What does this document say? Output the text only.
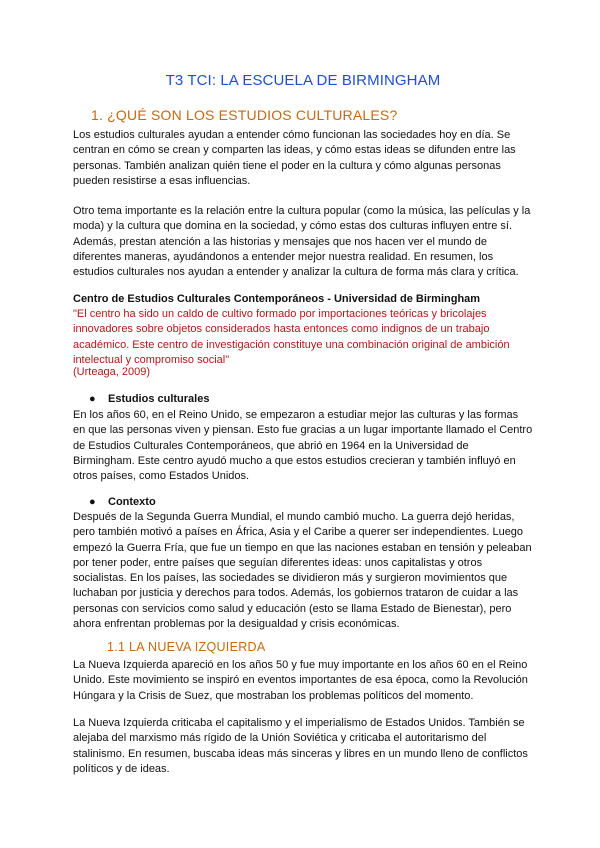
T3 TCI: LA ESCUELA DE BIRMINGHAM
1. ¿QUÉ SON LOS ESTUDIOS CULTURALES?
Los estudios culturales ayudan a entender cómo funcionan las sociedades hoy en día. Se centran en cómo se crean y comparten las ideas, y cómo estas ideas se difunden entre las personas. También analizan quién tiene el poder en la cultura y cómo algunas personas pueden resistirse a esas influencias.
Otro tema importante es la relación entre la cultura popular (como la música, las películas y la moda) y la cultura que domina en la sociedad, y cómo estas dos culturas influyen entre sí. Además, prestan atención a las historias y mensajes que nos hacen ver el mundo de diferentes maneras, ayudándonos a entender mejor nuestra realidad. En resumen, los estudios culturales nos ayudan a entender y analizar la cultura de forma más clara y crítica.
Centro de Estudios Culturales Contemporáneos - Universidad de Birmingham
"El centro ha sido un caldo de cultivo formado por importaciones teóricas y bricolajes innovadores sobre objetos considerados hasta entonces como indignos de un trabajo académico. Este centro de investigación constituye una combinación original de ambición intelectual y compromiso social"
(Urteaga, 2009)
● Estudios culturales
En los años 60, en el Reino Unido, se empezaron a estudiar mejor las culturas y las formas en que las personas viven y piensan. Esto fue gracias a un lugar importante llamado el Centro de Estudios Culturales Contemporáneos, que abrió en 1964 en la Universidad de Birmingham. Este centro ayudó mucho a que estos estudios crecieran y también influyó en otros países, como Estados Unidos.
● Contexto
Después de la Segunda Guerra Mundial, el mundo cambió mucho. La guerra dejó heridas, pero también motivó a países en África, Asia y el Caribe a querer ser independientes. Luego empezó la Guerra Fría, que fue un tiempo en que las naciones estaban en tensión y peleaban por tener poder, entre países que seguían diferentes ideas: unos capitalistas y otros socialistas. En los países, las sociedades se dividieron más y surgieron movimientos que luchaban por justicia y derechos para todos. Además, los gobiernos trataron de cuidar a las personas con servicios como salud y educación (esto se llama Estado de Bienestar), pero ahora enfrentan problemas por la desigualdad y crisis económicas.
1.1 LA NUEVA IZQUIERDA
La Nueva Izquierda apareció en los años 50 y fue muy importante en los años 60 en el Reino Unido. Este movimiento se inspiró en eventos importantes de esa época, como la Revolución Húngara y la Crisis de Suez, que mostraban los problemas políticos del momento.
La Nueva Izquierda criticaba el capitalismo y el imperialismo de Estados Unidos. También se alejaba del marxismo más rígido de la Unión Soviética y criticaba el autoritarismo del stalinismo. En resumen, buscaba ideas más sinceras y libres en un mundo lleno de conflictos políticos y de ideas.
